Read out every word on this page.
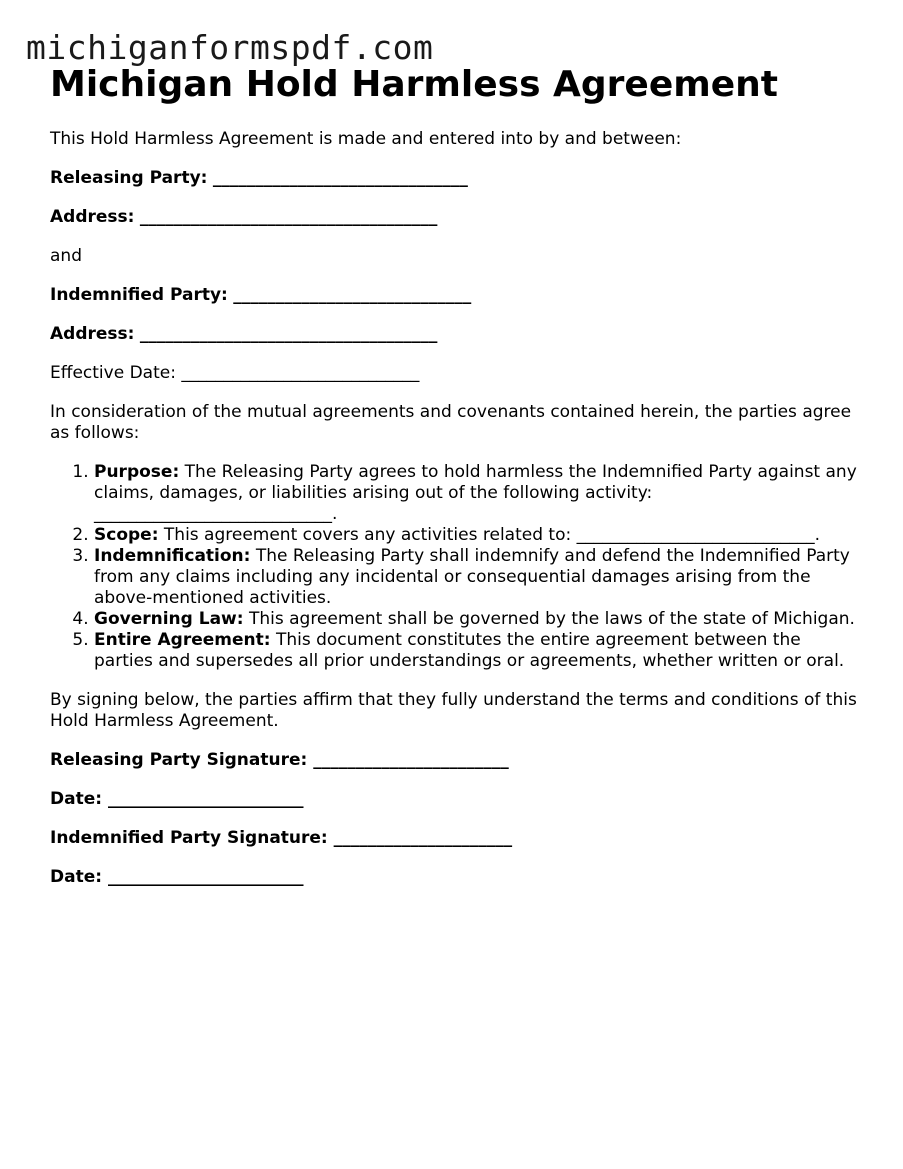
michiganformspdf.com
Michigan Hold Harmless Agreement

This Hold Harmless Agreement is made and entered into by and between:

Releasing Party: ______________________________

Address: ___________________________________

and

Indemnified Party: ____________________________

Address: ___________________________________

Effective Date: ____________________________

In consideration of the mutual agreements and covenants contained herein, the parties agree as follows:

1. Purpose: The Releasing Party agrees to hold harmless the Indemnified Party against any claims, damages, or liabilities arising out of the following activity: ____________________________.
2. Scope: This agreement covers any activities related to: ____________________________.
3. Indemnification: The Releasing Party shall indemnify and defend the Indemnified Party from any claims including any incidental or consequential damages arising from the above-mentioned activities.
4. Governing Law: This agreement shall be governed by the laws of the state of Michigan.
5. Entire Agreement: This document constitutes the entire agreement between the parties and supersedes all prior understandings or agreements, whether written or oral.

By signing below, the parties affirm that they fully understand the terms and conditions of this Hold Harmless Agreement.

Releasing Party Signature: _______________________

Date: _______________________

Indemnified Party Signature: _____________________

Date: _______________________
